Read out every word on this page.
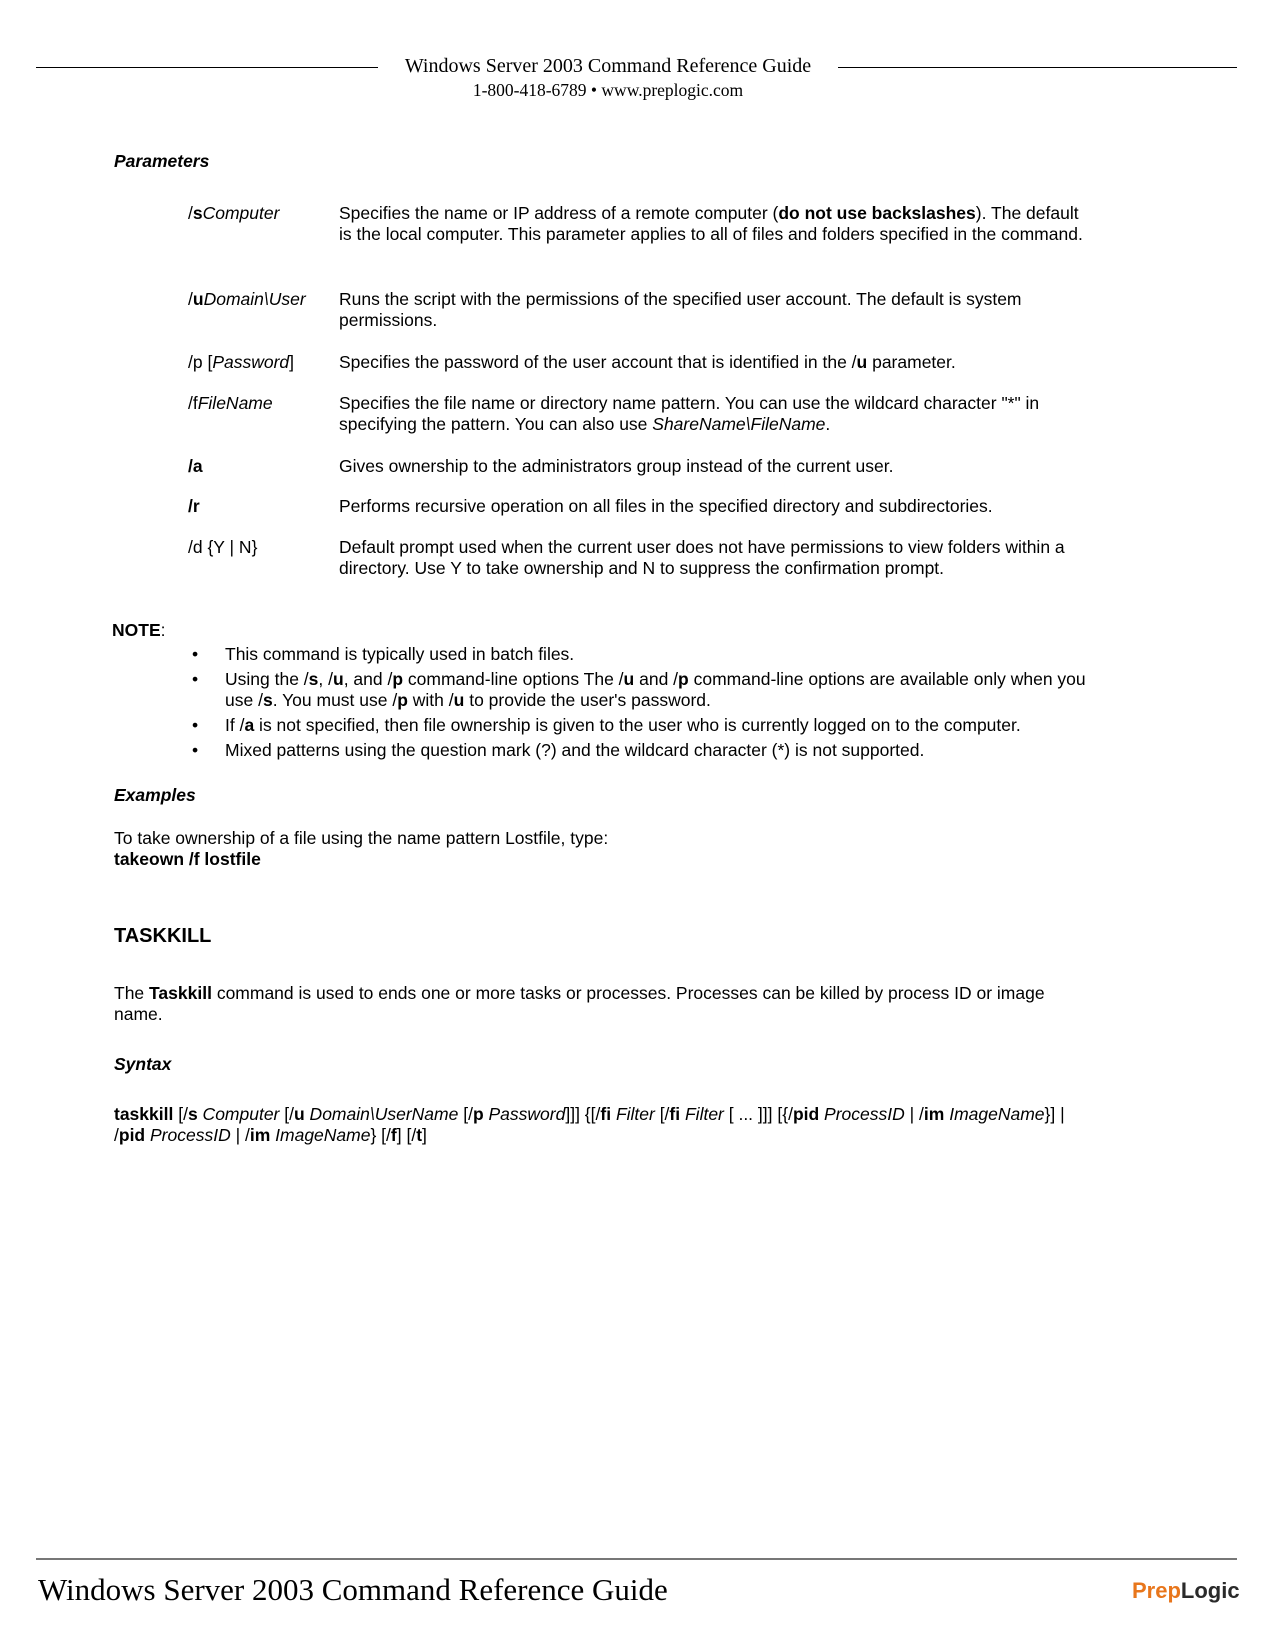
Windows Server 2003 Command Reference Guide
1-800-418-6789 • www.preplogic.com
Parameters
/sComputer	Specifies the name or IP address of a remote computer (do not use backslashes). The default is the local computer. This parameter applies to all of files and folders specified in the command.
/uDomain\User Runs the script with the permissions of the specified user account. The default is system permissions.
/p [Password]	Specifies the password of the user account that is identified in the /u parameter.
/fFileName	Specifies the file name or directory name pattern. You can use the wildcard character "*" in specifying the pattern. You can also use ShareName\FileName.
/a	Gives ownership to the administrators group instead of the current user.
/r	Performs recursive operation on all files in the specified directory and subdirectories.
/d {Y | N}	Default prompt used when the current user does not have permissions to view folders within a directory. Use Y to take ownership and N to suppress the confirmation prompt.
NOTE:
• This command is typically used in batch files.
• Using the /s, /u, and /p command-line options The /u and /p command-line options are available only when you use /s. You must use /p with /u to provide the user's password.
• If /a is not specified, then file ownership is given to the user who is currently logged on to the computer.
• Mixed patterns using the question mark (?) and the wildcard character (*) is not supported.
Examples
To take ownership of a file using the name pattern Lostfile, type:
takeown /f lostfile
TASKKILL
The Taskkill command is used to ends one or more tasks or processes. Processes can be killed by process ID or image name.
Syntax
taskkill [/s Computer [/u Domain\UserName [/p Password]]] {[/fi Filter [/fi Filter [ ... ]]] [{/pid ProcessID | /im ImageName}] | /pid ProcessID | /im ImageName} [/f] [/t]
Windows Server 2003 Command Reference Guide	PrepLogic
